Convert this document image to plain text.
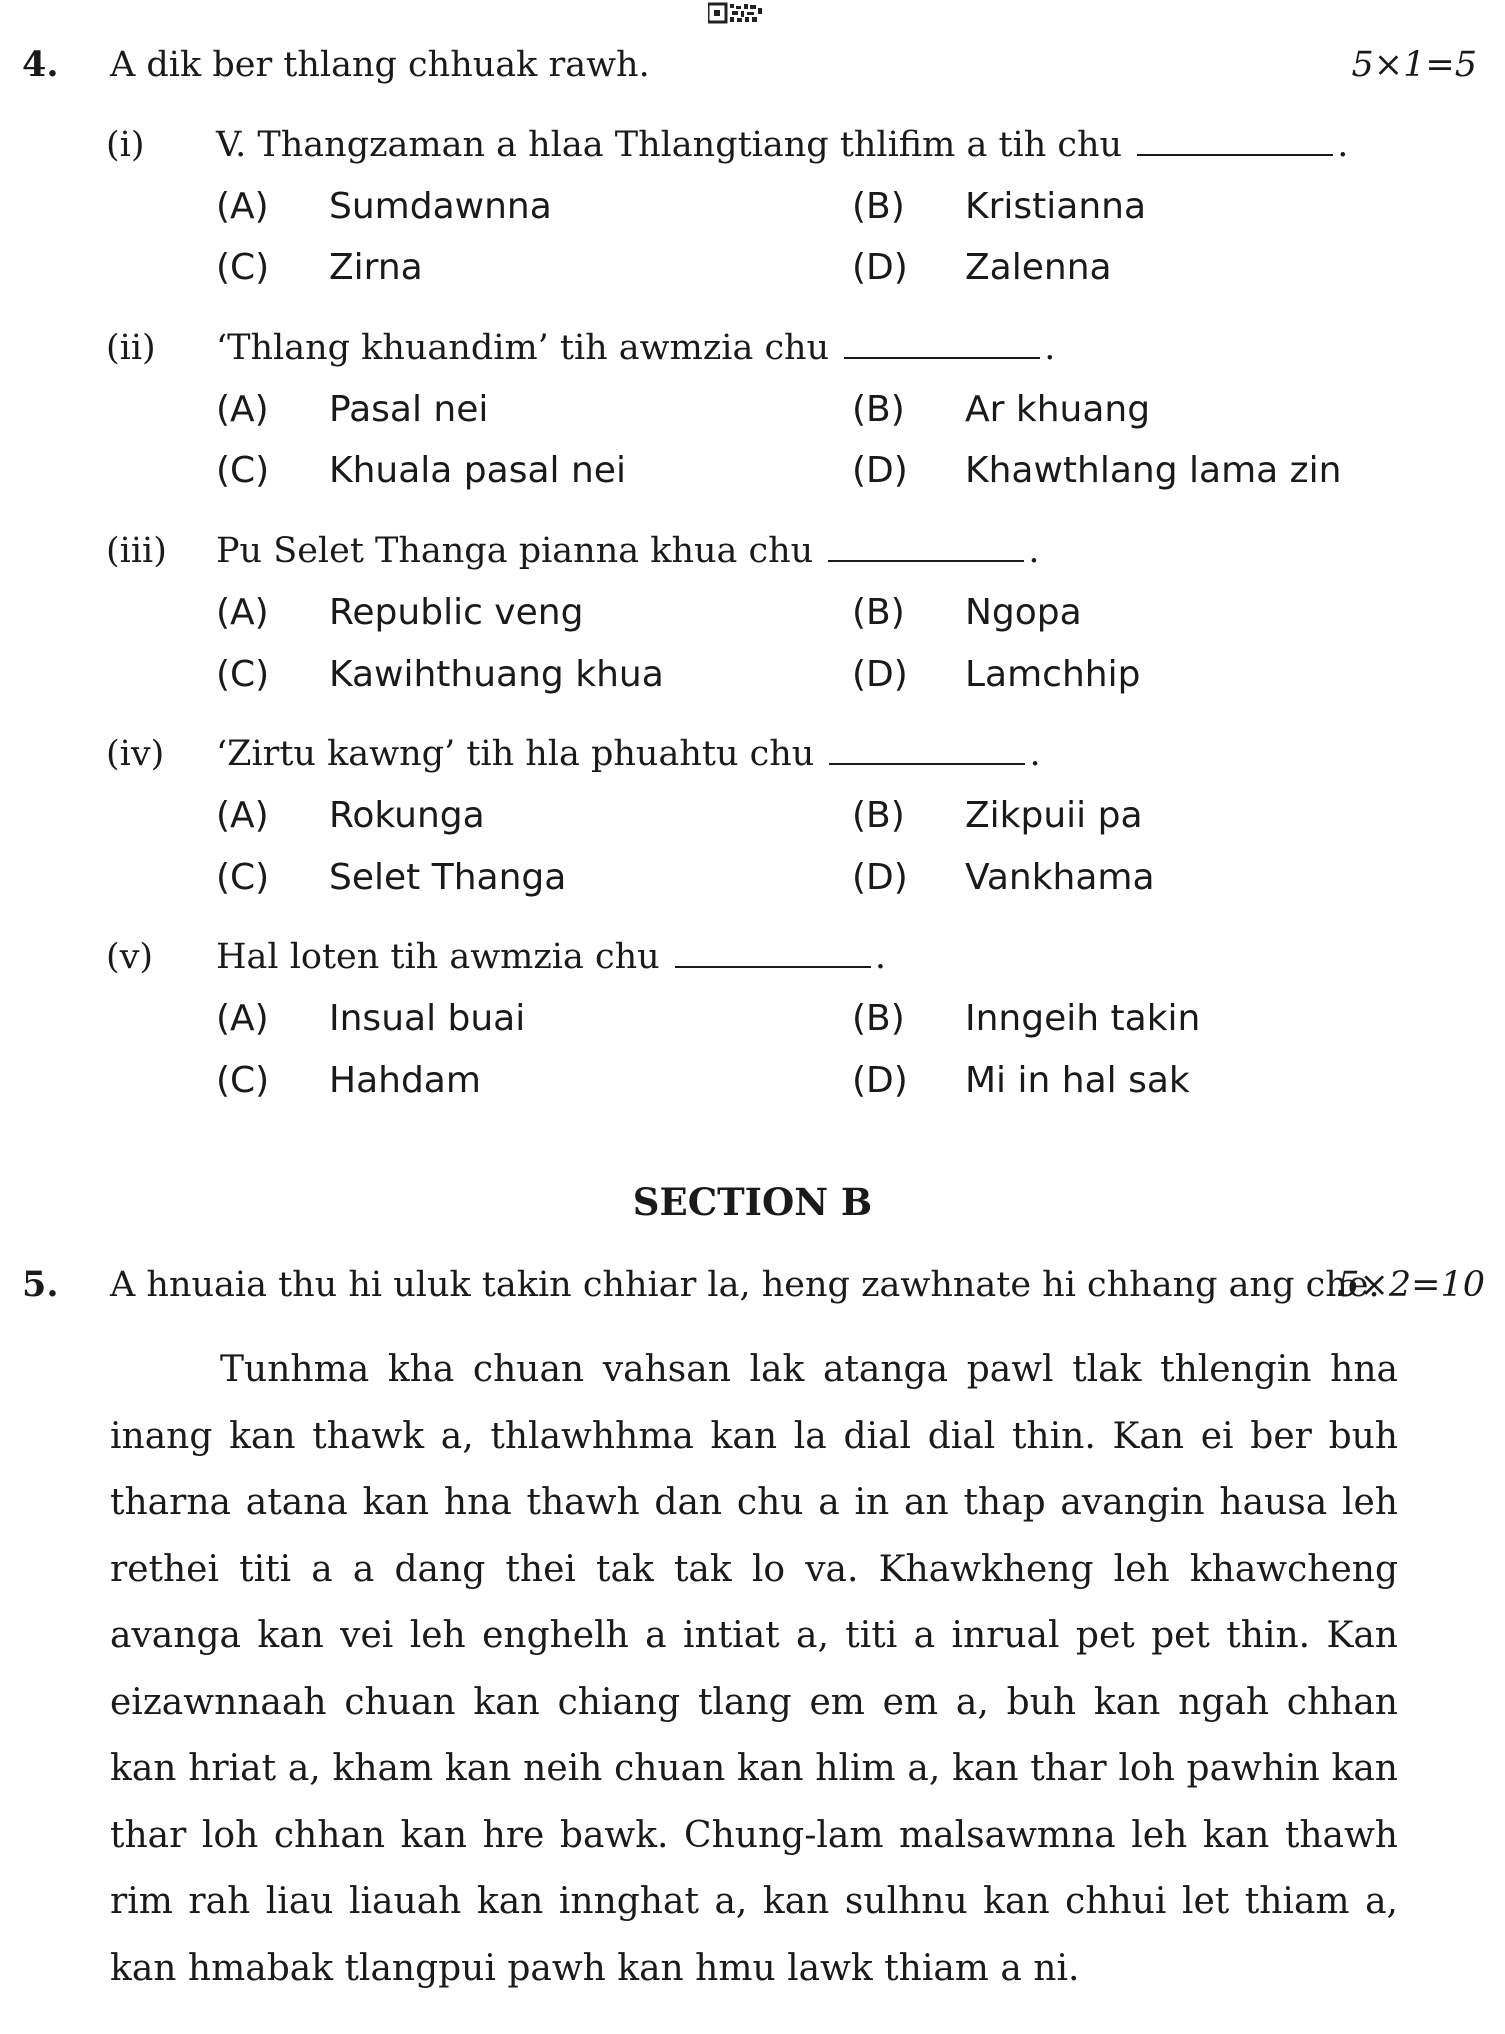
4. A dik ber thlang chhuak rawh.	5×1=5
(i) V. Thangzaman a hlaa Thlangtiang thlifim a tih chu	.
(A) Sumdawnna	(B) Kristianna
(C) Zirna	(D) Zalenna
(ii) ‘Thlang khuandim’ tih awmzia chu	.
(A) Pasal nei	(B) Ar khuang
(C) Khuala pasal nei	(D) Khawthlang lama zin
(iii) Pu Selet Thanga pianna khua chu	.
(A) Republic veng	(B) Ngopa
(C) Kawihthuang khua	(D) Lamchhip
(iv) ‘Zirtu kawng’ tih hla phuahtu chu	.
(A) Rokunga	(B) Zikpuii pa
(C) Selet Thanga	(D) Vankhama
(v) Hal loten tih awmzia chu	.
(A) Insual buai	(B) Inngeih takin
(C) Hahdam	(D) Mi in hal sak
SECTION B
5. A hnuaia thu hi uluk takin chhiar la, heng zawhnate hi chhang ang che.
5×2=10

Tunhma kha chuan vahsan lak atanga pawl tlak thlengin hna inang kan thawk a, thlawhhma kan la dial dial thin. Kan ei ber buh tharna atana kan hna thawh dan chu a in an thap avangin hausa leh rethei titi a a dang thei tak tak lo va. Khawkheng leh khawcheng avanga kan vei leh enghelh a intiat a, titi a inrual pet pet thin. Kan eizawnnaah chuan kan chiang tlang em em a, buh kan ngah chhan kan hriat a, kham kan neih chuan kan hlim a, kan thar loh pawhin kan thar loh chhan kan hre bawk. Chung-lam malsawmna leh kan thawh rim rah liau liauah kan innghat a, kan sulhnu kan chhui let thiam a, kan hmabak tlangpui pawh kan hmu lawk thiam a ni.
